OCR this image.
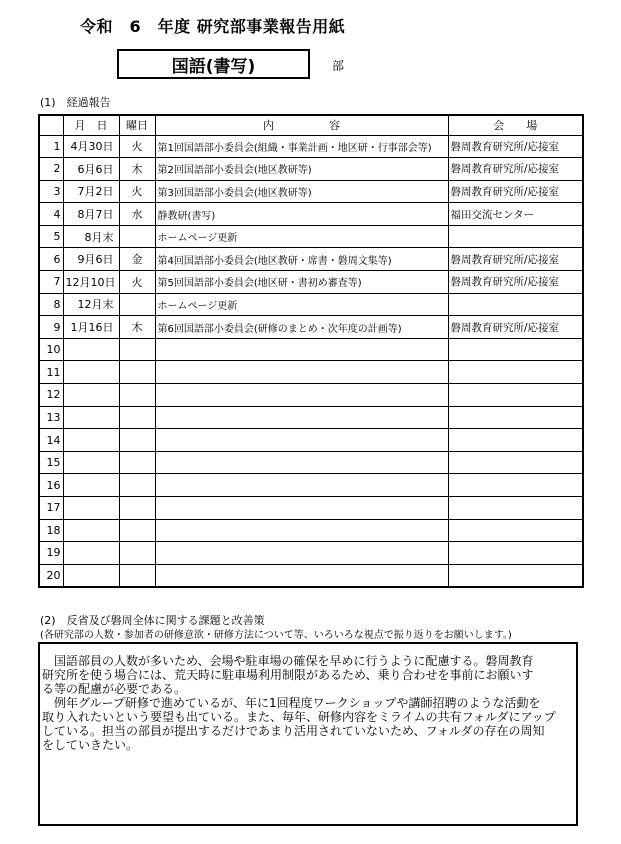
令和　6　年度 研究部事業報告用紙
国語(書写)	部
(1)　経過報告
	月　日	曜日	内　　　　　容	会　　場
1	4月30日	火	第1回国語部小委員会(組織・事業計画・地区研・行事部会等)	磐周教育研究所/応接室
2	6月6日	木	第2回国語部小委員会(地区教研等)	磐周教育研究所/応接室
3	7月2日	火	第3回国語部小委員会(地区教研等)	磐周教育研究所/応接室
4	8月7日	水	静教研(書写)	福田交流センター
5	8月末		ホームページ更新	
6	9月6日	金	第4回国語部小委員会(地区教研・席書・磐周文集等)	磐周教育研究所/応接室
7	12月10日	火	第5回国語部小委員会(地区研・書初め審査等)	磐周教育研究所/応接室
8	12月末		ホームページ更新	
9	1月16日	木	第6回国語部小委員会(研修のまとめ・次年度の計画等)	磐周教育研究所/応接室
10				
11				
12				
13				
14				
15				
16				
17				
18				
19				
20				
(2)　反省及び磐周全体に関する課題と改善策
(各研究部の人数・参加者の研修意欲・研修方法について等、いろいろな視点で振り返りをお願いします。)
　国語部員の人数が多いため、会場や駐車場の確保を早めに行うように配慮する。磐周教育
研究所を使う場合には、荒天時に駐車場利用制限があるため、乗り合わせを事前にお願いす
る等の配慮が必要である。
　例年グループ研修で進めているが、年に1回程度ワークショップや講師招聘のような活動を
取り入れたいという要望も出ている。また、毎年、研修内容をミライムの共有フォルダにアップ
している。担当の部員が提出するだけであまり活用されていないため、フォルダの存在の周知
をしていきたい。
